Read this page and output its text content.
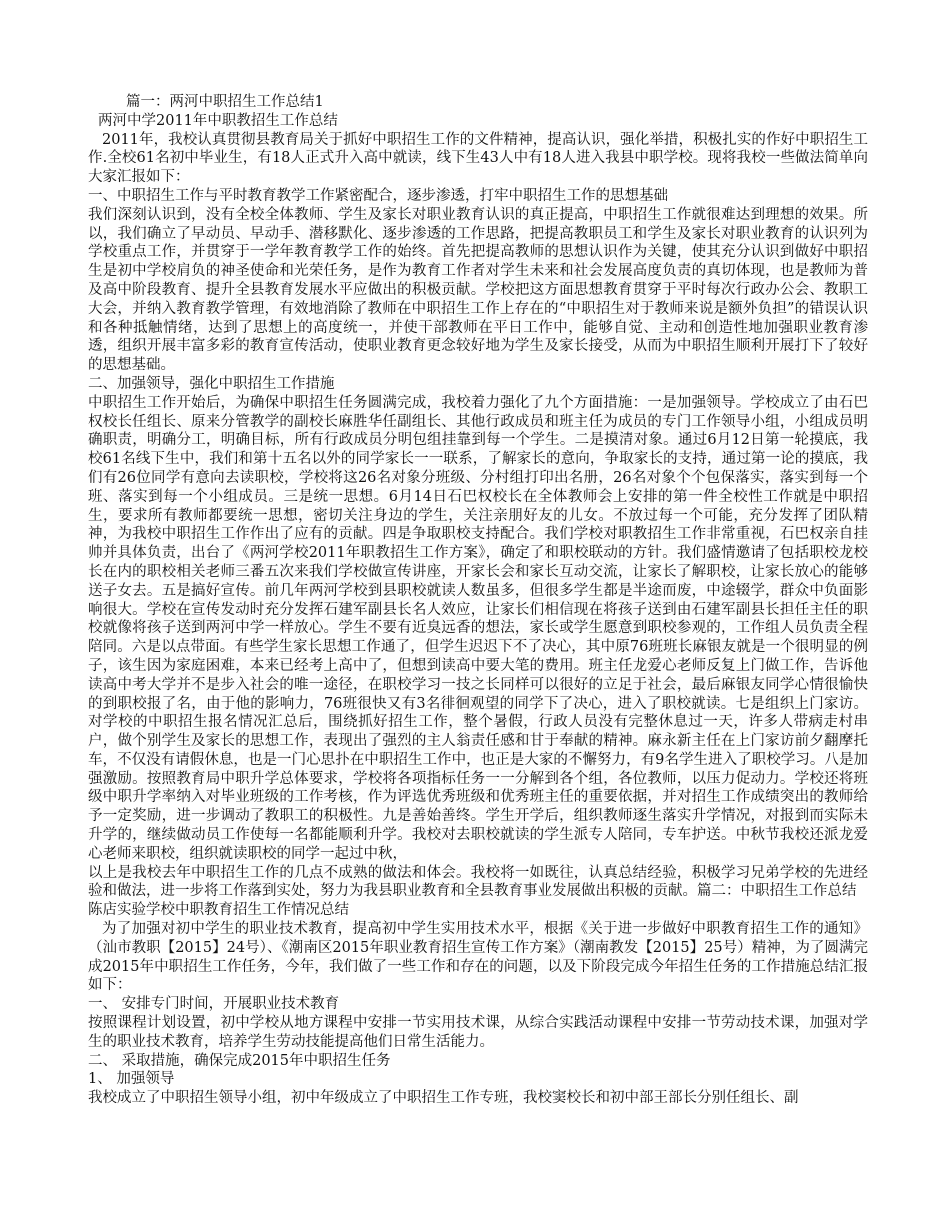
篇一：两河中职招生工作总结1

两河中学2011年中职教招生工作总结

2011年，我校认真贯彻县教育局关于抓好中职招生工作的文件精神，提高认识，强化举措，积极扎实的作好中职招生工作.全校61名初中毕业生，有18人正式升入高中就读，线下生43人中有18人进入我县中职学校。现将我校一些做法简单向大家汇报如下：

一、中职招生工作与平时教育教学工作紧密配合，逐步渗透，打牢中职招生工作的思想基础

我们深刻认识到，没有全校全体教师、学生及家长对职业教育认识的真正提高，中职招生工作就很难达到理想的效果。所以，我们确立了早动员、早动手、潜移默化、逐步渗透的工作思路，把提高教职员工和学生及家长对职业教育的认识列为学校重点工作，并贯穿于一学年教育教学工作的始终。首先把提高教师的思想认识作为关键，使其充分认识到做好中职招生是初中学校肩负的神圣使命和光荣任务，是作为教育工作者对学生未来和社会发展高度负责的真切体现，也是教师为普及高中阶段教育、提升全县教育发展水平应做出的积极贡献。学校把这方面思想教育贯穿于平时每次行政办公会、教职工大会，并纳入教育教学管理，有效地消除了教师在中职招生工作上存在的“中职招生对于教师来说是额外负担”的错误认识和各种抵触情绪，达到了思想上的高度统一，并使干部教师在平日工作中，能够自觉、主动和创造性地加强职业教育渗透，组织开展丰富多彩的教育宣传活动，使职业教育更念较好地为学生及家长接受，从而为中职招生顺利开展打下了较好的思想基础。

二、加强领导，强化中职招生工作措施

中职招生工作开始后，为确保中职招生任务圆满完成，我校着力强化了九个方面措施：一是加强领导。学校成立了由石巴权校长任组长、原来分管教学的副校长麻胜华任副组长、其他行政成员和班主任为成员的专门工作领导小组，小组成员明确职责，明确分工，明确目标，所有行政成员分明包组挂靠到每一个学生。二是摸清对象。通过6月12日第一轮摸底，我校61名线下生中，我们和第十五名以外的同学家长一一联系，了解家长的意向，争取家长的支持，通过第一论的摸底，我们有26位同学有意向去读职校，学校将这26名对象分班级、分村组打印出名册，26名对象个个包保落实，落实到每一个班、落实到每一个小组成员。三是统一思想。6月14日石巴权校长在全体教师会上安排的第一件全校性工作就是中职招生，要求所有教师都要统一思想，密切关注身边的学生，关注亲朋好友的儿女。不放过每一个可能，充分发挥了团队精神，为我校中职招生工作作出了应有的贡献。四是争取职校支持配合。我们学校对职教招生工作非常重视，石巴权亲自挂帅并具体负责，出台了《两河学校2011年职教招生工作方案》，确定了和职校联动的方针。我们盛情邀请了包括职校龙校长在内的职校相关老师三番五次来我们学校做宣传讲座，开家长会和家长互动交流，让家长了解职校，让家长放心的能够送子女去。五是搞好宣传。前几年两河学校到县职校就读人数虽多，但很多学生都是半途而废，中途辍学，群众中负面影响很大。学校在宣传发动时充分发挥石建军副县长名人效应，让家长们相信现在将孩子送到由石建军副县长担任主任的职校就像将孩子送到两河中学一样放心。学生不要有近臭远香的想法，家长或学生愿意到职校参观的，工作组人员负责全程陪同。六是以点带面。有些学生家长思想工作通了，但学生迟迟下不了决心，其中原76班班长麻银友就是一个很明显的例子，该生因为家庭困难，本来已经考上高中了，但想到读高中要大笔的费用。班主任龙爱心老师反复上门做工作，告诉他读高中考大学并不是步入社会的唯一途径，在职校学习一技之长同样可以很好的立足于社会，最后麻银友同学心情很愉快的到职校报了名，由于他的影响力，76班很快又有3名徘徊观望的同学下了决心，进入了职校就读。七是组织上门家访。对学校的中职招生报名情况汇总后，围绕抓好招生工作，整个暑假，行政人员没有完整休息过一天，许多人带病走村串户，做个别学生及家长的思想工作，表现出了强烈的主人翁责任感和甘于奉献的精神。麻永新主任在上门家访前夕翻摩托车，不仅没有请假休息，也是一门心思扑在中职招生工作中，也正是大家的不懈努力，有9名学生进入了职校学习。八是加强激励。按照教育局中职升学总体要求，学校将各项指标任务一一分解到各个组，各位教师，以压力促动力。学校还将班级中职升学率纳入对毕业班级的工作考核，作为评选优秀班级和优秀班主任的重要依据，并对招生工作成绩突出的教师给予一定奖励，进一步调动了教职工的积极性。九是善始善终。学生开学后，组织教师逐生落实升学情况，对报到而实际未升学的，继续做动员工作使每一名都能顺利升学。我校对去职校就读的学生派专人陪同，专车护送。中秋节我校还派龙爱心老师来职校，组织就读职校的同学一起过中秋，

以上是我校去年中职招生工作的几点不成熟的做法和体会。我校将一如既往，认真总结经验，积极学习兄弟学校的先进经验和做法，进一步将工作落到实处，努力为我县职业教育和全县教育事业发展做出积极的贡献。篇二：中职招生工作总结

陈店实验学校中职教育招生工作情况总结

为了加强对初中学生的职业技术教育，提高初中学生实用技术水平，根据《关于进一步做好中职教育招生工作的通知》（汕市教职【2015】24号）、《潮南区2015年职业教育招生宣传工作方案》（潮南教发【2015】25号）精神，为了圆满完成2015年中职招生工作任务，今年，我们做了一些工作和存在的问题，以及下阶段完成今年招生任务的工作措施总结汇报如下：

一、 安排专门时间，开展职业技术教育

按照课程计划设置，初中学校从地方课程中安排一节实用技术课，从综合实践活动课程中安排一节劳动技术课，加强对学生的职业技术教育，培养学生劳动技能提高他们日常生活能力。

二、 采取措施，确保完成2015年中职招生任务

1、 加强领导

我校成立了中职招生领导小组，初中年级成立了中职招生工作专班，我校窦校长和初中部王部长分别任组长、副
